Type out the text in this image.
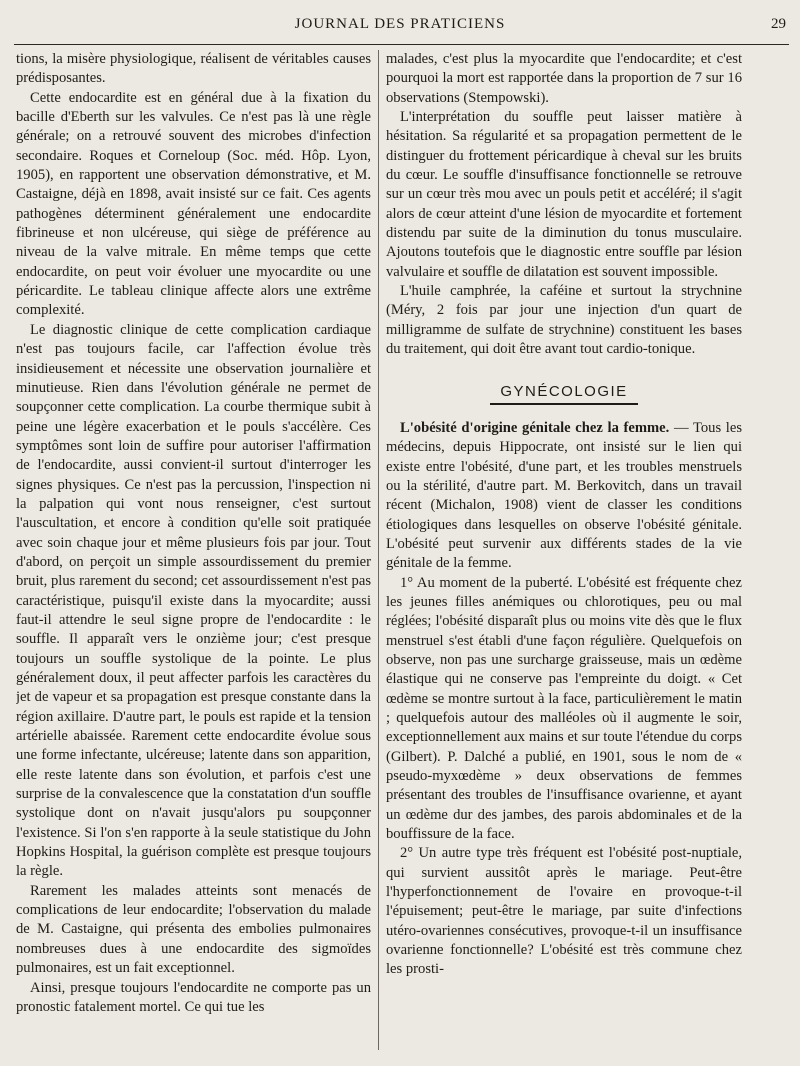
JOURNAL DES PRATICIENS	29

tions, la misère physiologique, réalisent de véritables causes prédisposantes.

Cette endocardite est en général due à la fixation du bacille d'Eberth sur les valvules. Ce n'est pas là une règle générale; on a retrouvé souvent des microbes d'infection secondaire. Roques et Corneloup (Soc. méd. Hôp. Lyon, 1905), en rapportent une observation démonstrative, et M. Castaigne, déjà en 1898, avait insisté sur ce fait. Ces agents pathogènes déterminent généralement une endocardite fibrineuse et non ulcéreuse, qui siège de préférence au niveau de la valve mitrale. En même temps que cette endocardite, on peut voir évoluer une myocardite ou une péricardite. Le tableau clinique affecte alors une extrême complexité.

Le diagnostic clinique de cette complication cardiaque n'est pas toujours facile, car l'affection évolue très insidieusement et nécessite une observation journalière et minutieuse. Rien dans l'évolution générale ne permet de soupçonner cette complication. La courbe thermique subit à peine une légère exacerbation et le pouls s'accélère. Ces symptômes sont loin de suffire pour autoriser l'affirmation de l'endocardite, aussi convient-il surtout d'interroger les signes physiques. Ce n'est pas la percussion, l'inspection ni la palpation qui vont nous renseigner, c'est surtout l'auscultation, et encore à condition qu'elle soit pratiquée avec soin chaque jour et même plusieurs fois par jour. Tout d'abord, on perçoit un simple assourdissement du premier bruit, plus rarement du second; cet assourdissement n'est pas caractéristique, puisqu'il existe dans la myocardite; aussi faut-il attendre le seul signe propre de l'endocardite : le souffle. Il apparaît vers le onzième jour; c'est presque toujours un souffle systolique de la pointe. Le plus généralement doux, il peut affecter parfois les caractères du jet de vapeur et sa propagation est presque constante dans la région axillaire. D'autre part, le pouls est rapide et la tension artérielle abaissée. Rarement cette endocardite évolue sous une forme infectante, ulcéreuse; latente dans son apparition, elle reste latente dans son évolution, et parfois c'est une surprise de la convalescence que la constatation d'un souffle systolique dont on n'avait jusqu'alors pu soupçonner l'existence. Si l'on s'en rapporte à la seule statistique du John Hopkins Hospital, la guérison complète est presque toujours la règle.

Rarement les malades atteints sont menacés de complications de leur endocardite; l'observation du malade de M. Castaigne, qui présenta des embolies pulmonaires nombreuses dues à une endocardite des sigmoïdes pulmonaires, est un fait exceptionnel.

Ainsi, presque toujours l'endocardite ne comporte pas un pronostic fatalement mortel. Ce qui tue les

malades, c'est plus la myocardite que l'endocardite; et c'est pourquoi la mort est rapportée dans la proportion de 7 sur 16 observations (Stempowski).

L'interprétation du souffle peut laisser matière à hésitation. Sa régularité et sa propagation permettent de le distinguer du frottement péricardique à cheval sur les bruits du cœur. Le souffle d'insuffisance fonctionnelle se retrouve sur un cœur très mou avec un pouls petit et accéléré; il s'agit alors de cœur atteint d'une lésion de myocardite et fortement distendu par suite de la diminution du tonus musculaire. Ajoutons toutefois que le diagnostic entre souffle par lésion valvulaire et souffle de dilatation est souvent impossible.

L'huile camphrée, la caféine et surtout la strychnine (Méry, 2 fois par jour une injection d'un quart de milligramme de sulfate de strychnine) constituent les bases du traitement, qui doit être avant tout cardio-tonique.

GYNÉCOLOGIE

L'obésité d'origine génitale chez la femme. — Tous les médecins, depuis Hippocrate, ont insisté sur le lien qui existe entre l'obésité, d'une part, et les troubles menstruels ou la stérilité, d'autre part. M. Berkovitch, dans un travail récent (Michalon, 1908) vient de classer les conditions étiologiques dans lesquelles on observe l'obésité génitale. L'obésité peut survenir aux différents stades de la vie génitale de la femme.

1° Au moment de la puberté. L'obésité est fréquente chez les jeunes filles anémiques ou chlorotiques, peu ou mal réglées; l'obésité disparaît plus ou moins vite dès que le flux menstruel s'est établi d'une façon régulière. Quelquefois on observe, non pas une surcharge graisseuse, mais un œdème élastique qui ne conserve pas l'empreinte du doigt. « Cet œdème se montre surtout à la face, particulièrement le matin ; quelquefois autour des malléoles où il augmente le soir, exceptionnellement aux mains et sur toute l'étendue du corps (Gilbert). P. Dalché a publié, en 1901, sous le nom de « pseudo-myxœdème » deux observations de femmes présentant des troubles de l'insuffisance ovarienne, et ayant un œdème dur des jambes, des parois abdominales et de la bouffissure de la face.

2° Un autre type très fréquent est l'obésité post-nuptiale, qui survient aussitôt après le mariage. Peut-être l'hyperfonctionnement de l'ovaire en provoque-t-il l'épuisement; peut-être le mariage, par suite d'infections utéro-ovariennes consécutives, provoque-t-il un insuffisance ovarienne fonctionnelle? L'obésité est très commune chez les prosti-
